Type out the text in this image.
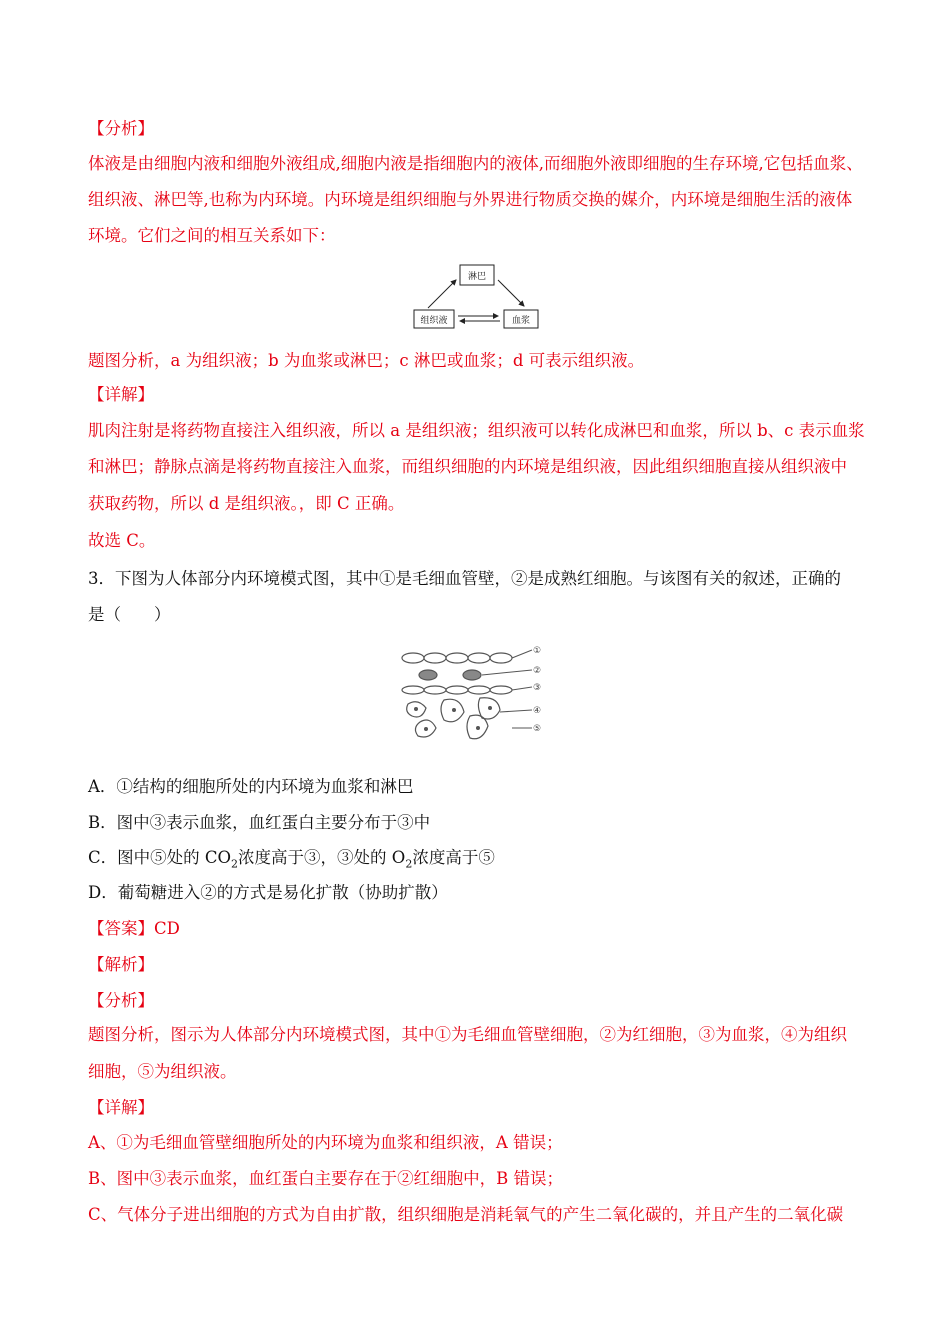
【分析】
体液是由细胞内液和细胞外液组成,细胞内液是指细胞内的液体,而细胞外液即细胞的生存环境,它包括血浆、
组织液、淋巴等,也称为内环境。内环境是组织细胞与外界进行物质交换的媒介，内环境是细胞生活的液体
环境。它们之间的相互关系如下：
淋巴
组织液	血浆
题图分析，a 为组织液；b 为血浆或淋巴；c 淋巴或血浆；d 可表示组织液。
【详解】
肌肉注射是将药物直接注入组织液，所以 a 是组织液；组织液可以转化成淋巴和血浆，所以 b、c 表示血浆
和淋巴；静脉点滴是将药物直接注入血浆，而组织细胞的内环境是组织液，因此组织细胞直接从组织液中
获取药物，所以 d 是组织液。，即 C 正确。
故选 C。
3．下图为人体部分内环境模式图，其中①是毛细血管壁，②是成熟红细胞。与该图有关的叙述，正确的
是（　　）
①
②
③
④
⑤
A．①结构的细胞所处的内环境为血浆和淋巴
B．图中③表示血浆，血红蛋白主要分布于③中
C．图中⑤处的 $CO_2$浓度高于③，③处的 $O_2$浓度高于⑤
D．葡萄糖进入②的方式是易化扩散（协助扩散）
【答案】CD
【解析】
【分析】
题图分析，图示为人体部分内环境模式图，其中①为毛细血管壁细胞，②为红细胞，③为血浆，④为组织
细胞，⑤为组织液。
【详解】
A、①为毛细血管壁细胞所处的内环境为血浆和组织液，A 错误；
B、图中③表示血浆，血红蛋白主要存在于②红细胞中，B 错误；
C、气体分子进出细胞的方式为自由扩散，组织细胞是消耗氧气的产生二氧化碳的，并且产生的二氧化碳
